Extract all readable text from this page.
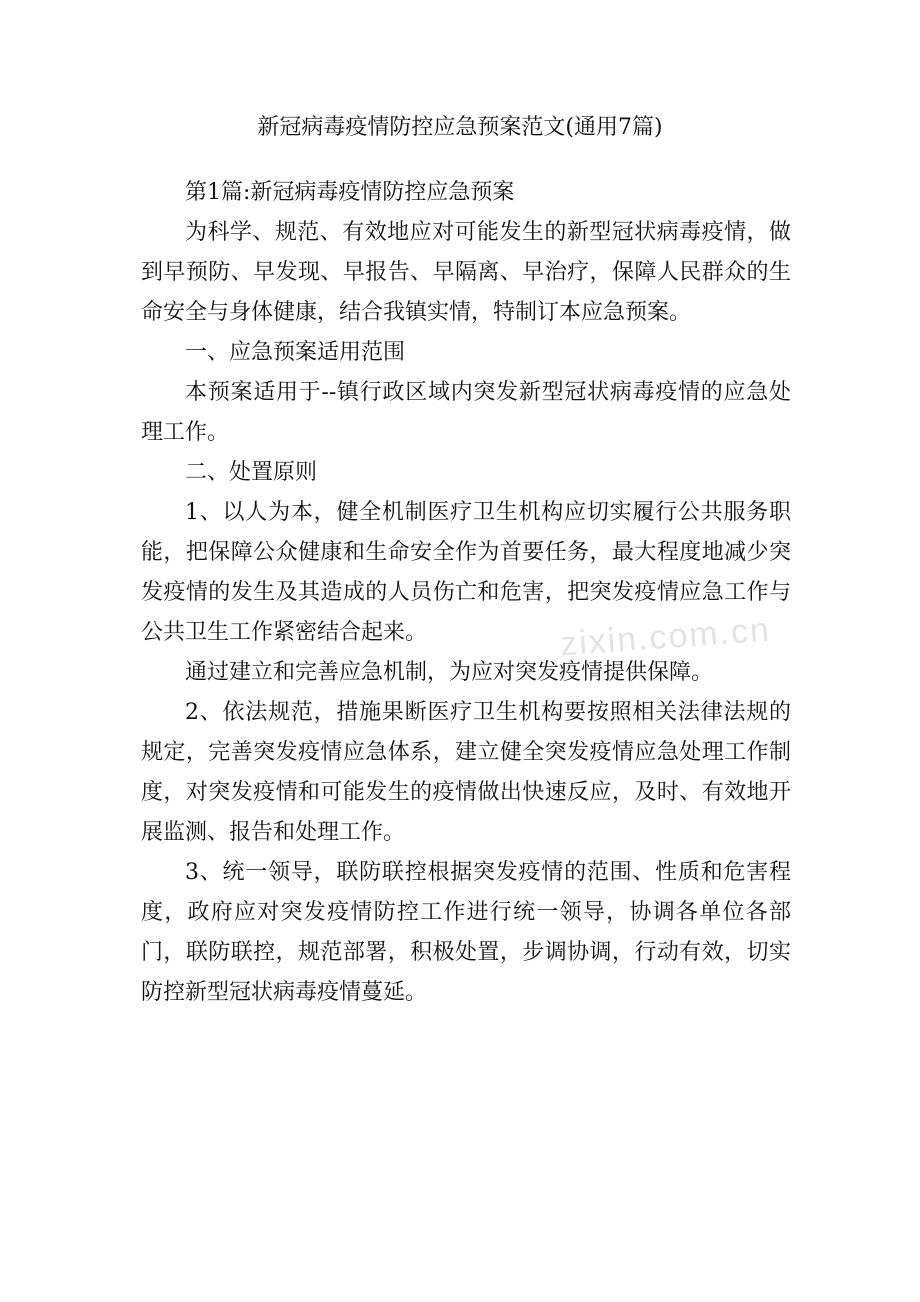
新冠病毒疫情防控应急预案范文(通用7篇)
zixin.com.cn

第1篇:新冠病毒疫情防控应急预案

为科学、规范、有效地应对可能发生的新型冠状病毒疫情，做到早预防、早发现、早报告、早隔离、早治疗，保障人民群众的生命安全与身体健康，结合我镇实情，特制订本应急预案。

一、应急预案适用范围

本预案适用于--镇行政区域内突发新型冠状病毒疫情的应急处理工作。

二、处置原则

1、以人为本，健全机制医疗卫生机构应切实履行公共服务职能，把保障公众健康和生命安全作为首要任务，最大程度地减少突发疫情的发生及其造成的人员伤亡和危害，把突发疫情应急工作与公共卫生工作紧密结合起来。

通过建立和完善应急机制，为应对突发疫情提供保障。

2、依法规范，措施果断医疗卫生机构要按照相关法律法规的规定，完善突发疫情应急体系，建立健全突发疫情应急处理工作制度，对突发疫情和可能发生的疫情做出快速反应，及时、有效地开展监测、报告和处理工作。

3、统一领导，联防联控根据突发疫情的范围、性质和危害程度，政府应对突发疫情防控工作进行统一领导，协调各单位各部门，联防联控，规范部署，积极处置，步调协调，行动有效，切实防控新型冠状病毒疫情蔓延。
